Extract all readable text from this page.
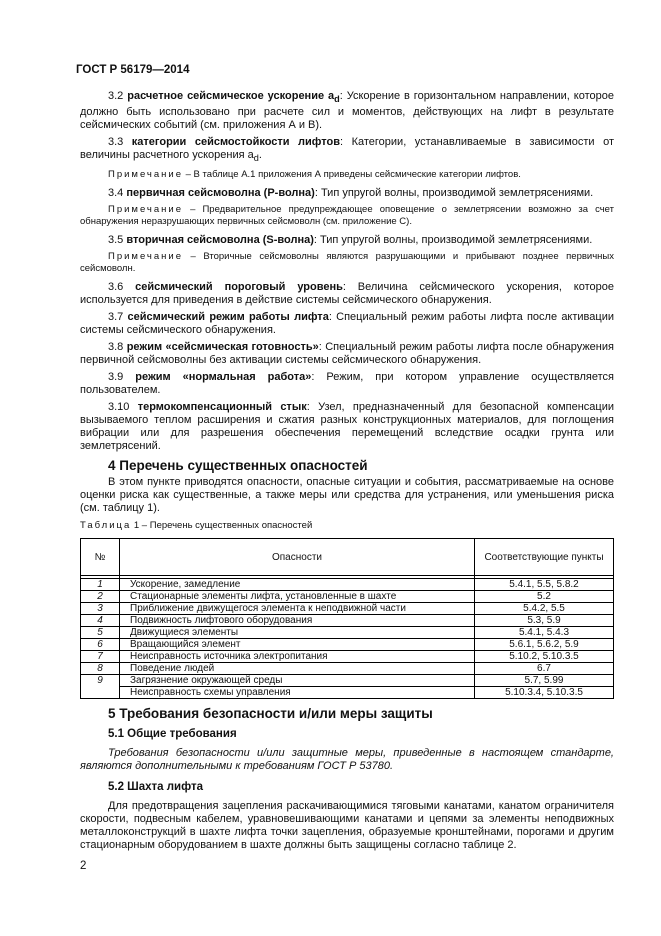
ГОСТ Р 56179—2014

3.2 расчетное сейсмическое ускорение $a_d$: Ускорение в горизонтальном направлении, которое должно быть использовано при расчете сил и моментов, действующих на лифт в результате сейсмических событий (см. приложения А и В).

3.3 категории сейсмостойкости лифтов: Категории, устанавливаемые в зависимости от величины расчетного ускорения $a_d$.

Примечание – В таблице А.1 приложения А приведены сейсмические категории лифтов.

3.4 первичная сейсмоволна (Р-волна): Тип упругой волны, производимой землетрясениями.

Примечание – Предварительное предупреждающее оповещение о землетрясении возможно за счет обнаружения неразрушающих первичных сейсмоволн (см. приложение С).

3.5 вторичная сейсмоволна (S-волна): Тип упругой волны, производимой землетрясениями.

Примечание – Вторичные сейсмоволны являются разрушающими и прибывают позднее первичных сейсмоволн.

3.6 сейсмический пороговый уровень: Величина сейсмического ускорения, которое используется для приведения в действие системы сейсмического обнаружения.

3.7 сейсмический режим работы лифта: Специальный режим работы лифта после активации системы сейсмического обнаружения.

3.8 режим «сейсмическая готовность»: Специальный режим работы лифта после обнаружения первичной сейсмоволны без активации системы сейсмического обнаружения.

3.9 режим «нормальная работа»: Режим, при котором управление осуществляется пользователем.

3.10 термокомпенсационный стык: Узел, предназначенный для безопасной компенсации вызываемого теплом расширения и сжатия разных конструкционных материалов, для поглощения вибрации или для разрешения обеспечения перемещений вследствие осадки грунта или землетрясений.

4 Перечень существенных опасностей

В этом пункте приводятся опасности, опасные ситуации и события, рассматриваемые на основе оценки риска как существенные, а также меры или средства для устранения, или уменьшения риска (см. таблицу 1).

Таблица 1 – Перечень существенных опасностей
№	Опасности	Соответствующие пункты

1	Ускорение, замедление	5.4.1, 5.5, 5.8.2
2	Стационарные элементы лифта, установленные в шахте	5.2
3	Приближение движущегося элемента к неподвижной части	5.4.2, 5.5
4	Подвижность лифтового оборудования	5.3, 5.9
5	Движущиеся элементы	5.4.1, 5.4.3
6	Вращающийся элемент	5.6.1, 5.6.2, 5.9
7	Неисправность источника электропитания	5.10.2, 5.10.3.5
8	Поведение людей	6.7
9	Загрязнение окружающей среды	5.7, 5.99
	Неисправность схемы управления	5.10.3.4, 5.10.3.5
5 Требования безопасности и/или меры защиты
5.1 Общие требования

Требования безопасности и/или защитные меры, приведенные в настоящем стандарте, являются дополнительными к требованиям ГОСТ Р 53780.

5.2 Шахта лифта

Для предотвращения зацепления раскачивающимися тяговыми канатами, канатом ограничителя скорости, подвесным кабелем, уравновешивающими канатами и цепями за элементы неподвижных металлоконструкций в шахте лифта точки зацепления, образуемые кронштейнами, порогами и другим стационарным оборудованием в шахте должны быть защищены согласно таблице 2.

2
